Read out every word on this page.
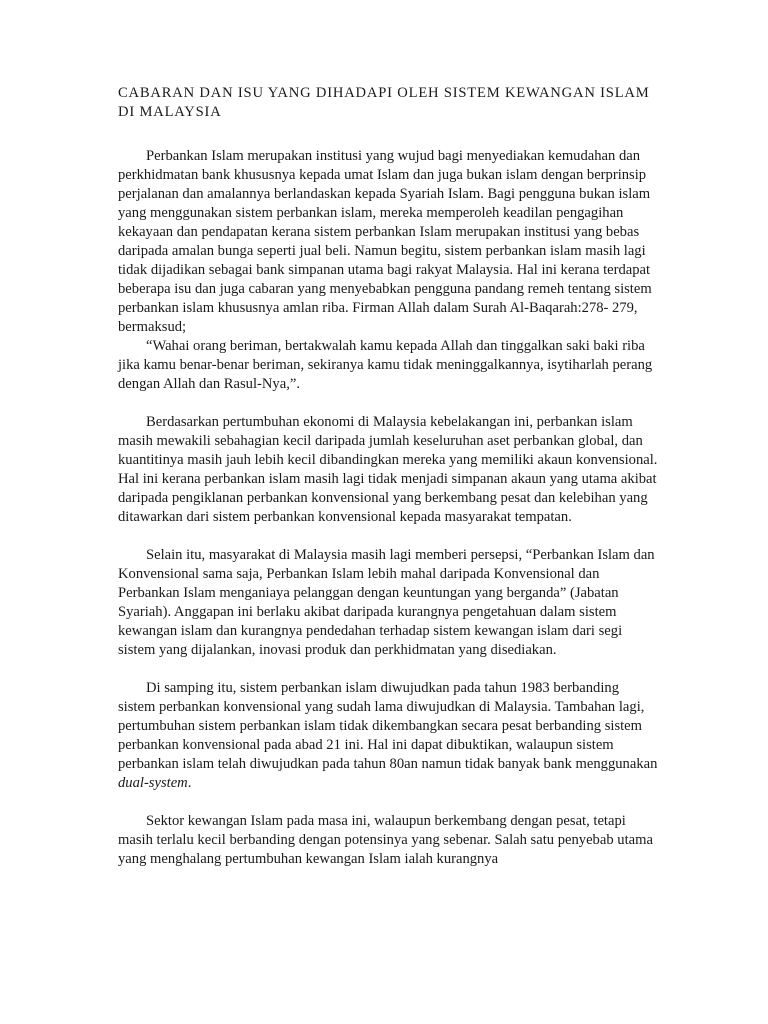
CABARAN DAN ISU YANG DIHADAPI OLEH SISTEM KEWANGAN ISLAM DI MALAYSIA

Perbankan Islam merupakan institusi yang wujud bagi menyediakan kemudahan dan perkhidmatan bank khususnya kepada umat Islam dan juga bukan islam dengan berprinsip perjalanan dan amalannya berlandaskan kepada Syariah Islam. Bagi pengguna bukan islam yang menggunakan sistem perbankan islam, mereka memperoleh keadilan pengagihan kekayaan dan pendapatan kerana sistem perbankan Islam merupakan institusi yang bebas daripada amalan bunga seperti jual beli. Namun begitu, sistem perbankan islam masih lagi tidak dijadikan sebagai bank simpanan utama bagi rakyat Malaysia. Hal ini kerana terdapat beberapa isu dan juga cabaran yang menyebabkan pengguna pandang remeh tentang sistem perbankan islam khususnya amlan riba. Firman Allah dalam Surah Al-Baqarah:278- 279, bermaksud;

“Wahai orang beriman, bertakwalah kamu kepada Allah dan tinggalkan saki baki riba jika kamu benar-benar beriman, sekiranya kamu tidak meninggalkannya, isytiharlah perang dengan Allah dan Rasul-Nya,”.

Berdasarkan pertumbuhan ekonomi di Malaysia kebelakangan ini, perbankan islam masih mewakili sebahagian kecil daripada jumlah keseluruhan aset perbankan global, dan kuantitinya masih jauh lebih kecil dibandingkan mereka yang memiliki akaun konvensional. Hal ini kerana perbankan islam masih lagi tidak menjadi simpanan akaun yang utama akibat daripada pengiklanan perbankan konvensional yang berkembang pesat dan kelebihan yang ditawarkan dari sistem perbankan konvensional kepada masyarakat tempatan.

Selain itu, masyarakat di Malaysia masih lagi memberi persepsi, “Perbankan Islam dan Konvensional sama saja, Perbankan Islam lebih mahal daripada Konvensional dan Perbankan Islam menganiaya pelanggan dengan keuntungan yang berganda” (Jabatan Syariah). Anggapan ini berlaku akibat daripada kurangnya pengetahuan dalam sistem kewangan islam dan kurangnya pendedahan terhadap sistem kewangan islam dari segi sistem yang dijalankan, inovasi produk dan perkhidmatan yang disediakan.

Di samping itu, sistem perbankan islam diwujudkan pada tahun 1983 berbanding sistem perbankan konvensional yang sudah lama diwujudkan di Malaysia. Tambahan lagi, pertumbuhan sistem perbankan islam tidak dikembangkan secara pesat berbanding sistem perbankan konvensional pada abad 21 ini. Hal ini dapat dibuktikan, walaupun sistem perbankan islam telah diwujudkan pada tahun 80an namun tidak banyak bank menggunakan dual-system.

Sektor kewangan Islam pada masa ini, walaupun berkembang dengan pesat, tetapi masih terlalu kecil berbanding dengan potensinya yang sebenar. Salah satu penyebab utama yang menghalang pertumbuhan kewangan Islam ialah kurangnya
